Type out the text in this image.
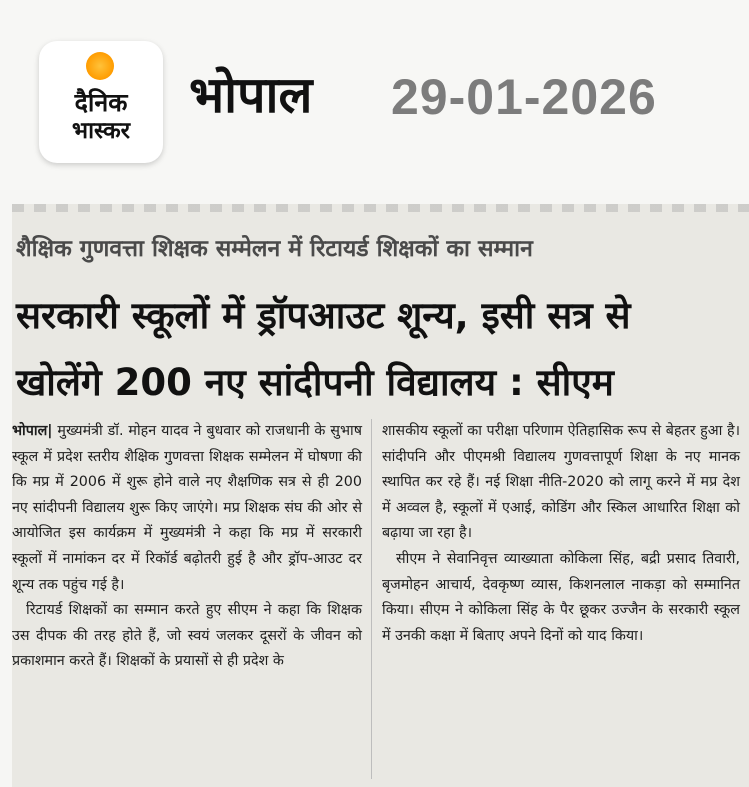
दैनिक
भास्कर
भोपाल 29-01-2026
शैक्षिक गुणवत्ता शिक्षक सम्मेलन में रिटायर्ड शिक्षकों का सम्मान
सरकारी स्कूलों में ड्रॉपआउट शून्य, इसी सत्र से
खोलेंगे 200 नए सांदीपनी विद्यालय : सीएम

भोपाल| मुख्यमंत्री डॉ. मोहन यादव ने बुधवार को राजधानी के सुभाष स्कूल में प्रदेश स्तरीय शैक्षिक गुणवत्ता शिक्षक सम्मेलन में घोषणा की कि मप्र में 2006 में शुरू होने वाले नए शैक्षणिक सत्र से ही 200 नए सांदीपनी विद्यालय शुरू किए जाएंगे। मप्र शिक्षक संघ की ओर से आयोजित इस कार्यक्रम में मुख्यमंत्री ने कहा कि मप्र में सरकारी स्कूलों में नामांकन दर में रिकॉर्ड बढ़ोतरी हुई है और ड्रॉप-आउट दर शून्य तक पहुंच गई है।

रिटायर्ड शिक्षकों का सम्मान करते हुए सीएम ने कहा कि शिक्षक उस दीपक की तरह होते हैं, जो स्वयं जलकर दूसरों के जीवन को प्रकाशमान करते हैं। शिक्षकों के प्रयासों से ही प्रदेश के

शासकीय स्कूलों का परीक्षा परिणाम ऐतिहासिक रूप से बेहतर हुआ है। सांदीपनि और पीएमश्री विद्यालय गुणवत्तापूर्ण शिक्षा के नए मानक स्थापित कर रहे हैं। नई शिक्षा नीति-2020 को लागू करने में मप्र देश में अव्वल है, स्कूलों में एआई, कोडिंग और स्किल आधारित शिक्षा को बढ़ाया जा रहा है।

सीएम ने सेवानिवृत्त व्याख्याता कोकिला सिंह, बद्री प्रसाद तिवारी, बृजमोहन आचार्य, देवकृष्ण व्यास, किशनलाल नाकड़ा को सम्मानित किया। सीएम ने कोकिला सिंह के पैर छूकर उज्जैन के सरकारी स्कूल में उनकी कक्षा में बिताए अपने दिनों को याद किया।
